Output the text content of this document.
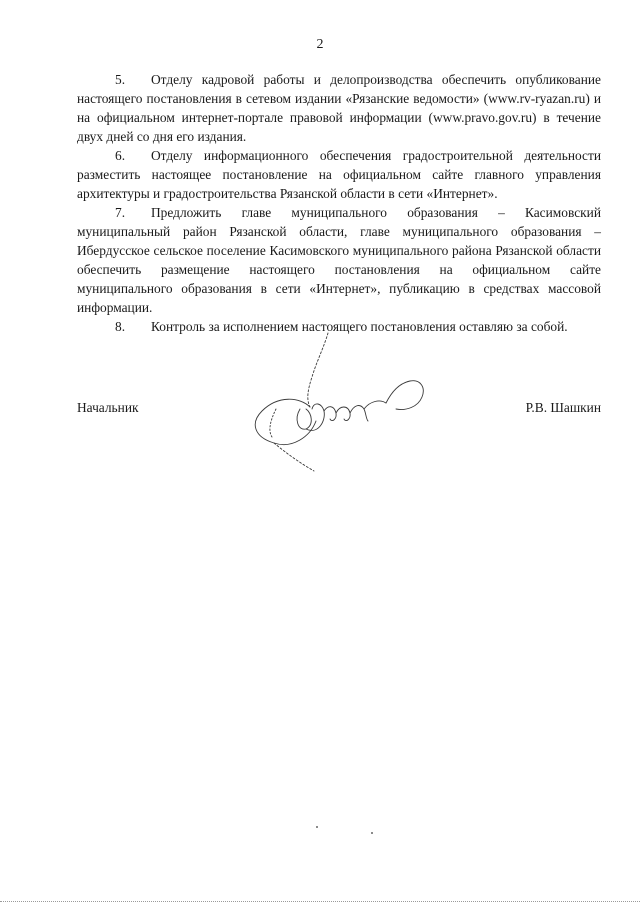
2

5. Отделу кадровой работы и делопроизводства обеспечить опубликование настоящего постановления в сетевом издании «Рязанские ведомости» (www.rv-ryazan.ru) и на официальном интернет-портале правовой информации (www.pravo.gov.ru) в течение двух дней со дня его издания.

6. Отделу информационного обеспечения градостроительной деятельности разместить настоящее постановление на официальном сайте главного управления архитектуры и градостроительства Рязанской области в сети «Интернет».

7. Предложить главе муниципального образования – Касимовский муниципальный район Рязанской области, главе муниципального образования – Ибердусское сельское поселение Касимовского муниципального района Рязанской области обеспечить размещение настоящего постановления на официальном сайте муниципального образования в сети «Интернет», публикацию в средствах массовой информации.

8. Контроль за исполнением настоящего постановления оставляю за собой.

Начальник	Р.В. Шашкин
